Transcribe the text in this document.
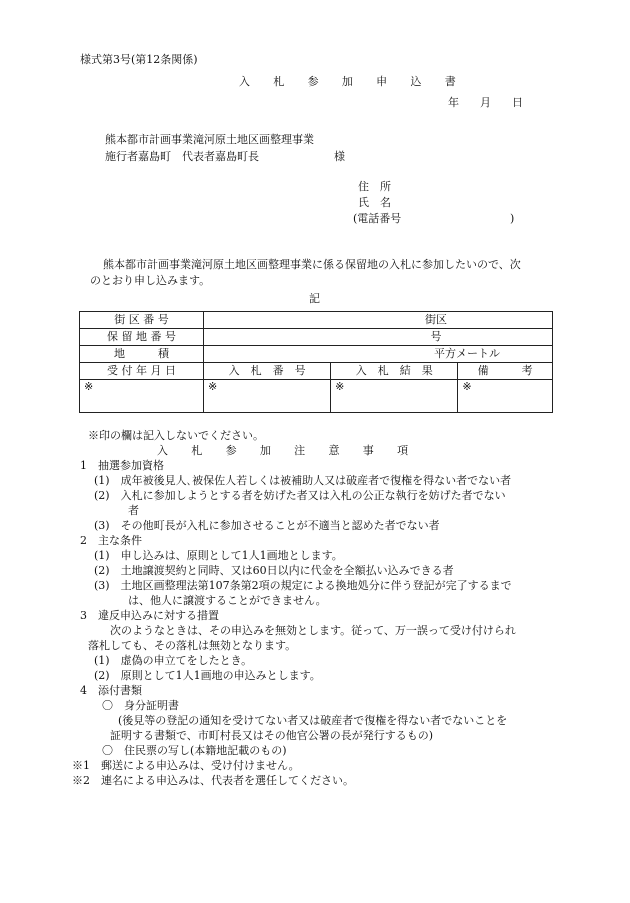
様式第3号(第12条関係)
入 札 参 加 申 込 書
年 月 日
熊本都市計画事業滝河原土地区画整理事業
施行者嘉島町　代表者嘉島町長	様
住　所
氏　名
(電話番号	)
熊本都市計画事業滝河原土地区画整理事業に係る保留地の入札に参加したいので、次
のとおり申し込みます。
記
街 区 番 号	街区		
保 留 地 番 号	号		
地　　　積	平方メートル		
受 付 年 月 日	入　札　番　号	入　札　結　果	備　　　考
※	※	※	※
※印の欄は記入しないでください。
入 札 参 加 注 意 事 項
1　抽選参加資格
(1)　成年被後見人､被保佐人若しくは被補助人又は破産者で復権を得ない者でない者
(2)　入札に参加しようとする者を妨げた者又は入札の公正な執行を妨げた者でない
者
(3)　その他町長が入札に参加させることが不適当と認めた者でない者
2　主な条件
(1)　申し込みは、原則として1人1画地とします。
(2)　土地譲渡契約と同時、又は60日以内に代金を全額払い込みできる者
(3)　土地区画整理法第107条第2項の規定による換地処分に伴う登記が完了するまで
は、他人に譲渡することができません。
3　違反申込みに対する措置
次のようなときは、その申込みを無効とします。従って、万一誤って受け付けられ
落札しても、その落札は無効となります。
(1)　虚偽の申立てをしたとき。
(2)　原則として1人1画地の申込みとします。
4　添付書類
〇　身分証明書
(後見等の登記の通知を受けてない者又は破産者で復権を得ない者でないことを
証明する書類で、市町村長又はその他官公署の長が発行するもの)
〇　住民票の写し(本籍地記載のもの)
※1　郵送による申込みは、受け付けません。
※2　連名による申込みは、代表者を選任してください。
